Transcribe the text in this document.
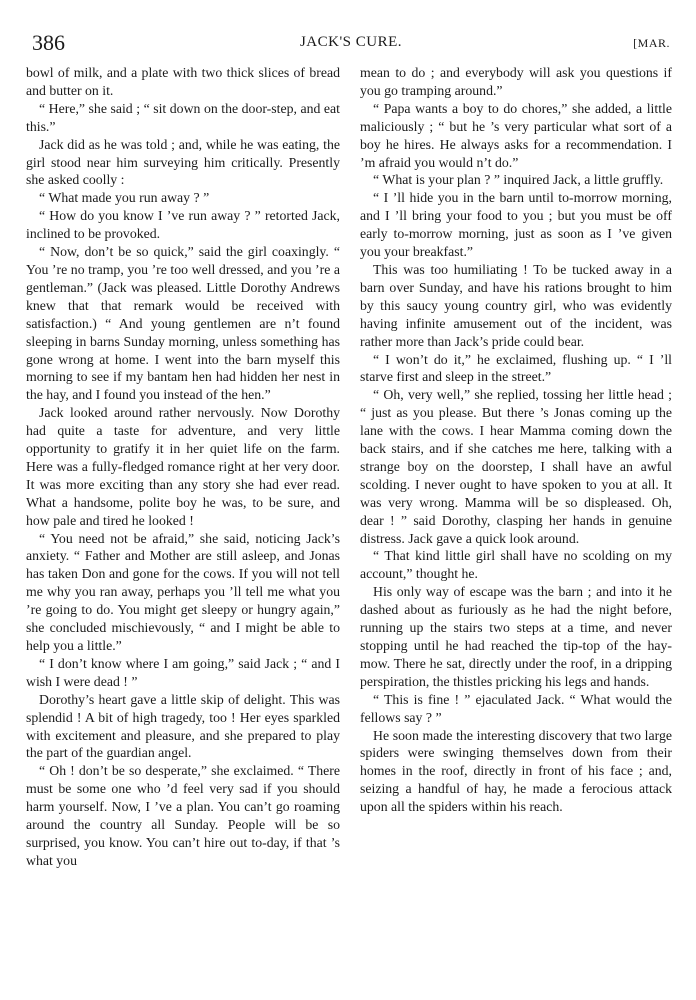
386	JACK'S CURE.	[MAR.

bowl of milk, and a plate with two thick slices of bread and butter on it.

“ Here,” she said ; “ sit down on the door-step, and eat this.”

Jack did as he was told ; and, while he was eating, the girl stood near him surveying him critically. Presently she asked coolly :

“ What made you run away ? ”

“ How do you know I ’ve run away ? ” retorted Jack, inclined to be provoked.

“ Now, don’t be so quick,” said the girl coaxingly. “ You ’re no tramp, you ’re too well dressed, and you ’re a gentleman.” (Jack was pleased. Little Dorothy Andrews knew that that remark would be received with satisfaction.) “ And young gentlemen are n’t found sleeping in barns Sunday morning, unless something has gone wrong at home. I went into the barn myself this morning to see if my bantam hen had hidden her nest in the hay, and I found you instead of the hen.”

Jack looked around rather nervously. Now Dorothy had quite a taste for adventure, and very little opportunity to gratify it in her quiet life on the farm. Here was a fully-fledged romance right at her very door. It was more exciting than any story she had ever read. What a handsome, polite boy he was, to be sure, and how pale and tired he looked !

“ You need not be afraid,” she said, noticing Jack’s anxiety. “ Father and Mother are still asleep, and Jonas has taken Don and gone for the cows. If you will not tell me why you ran away, perhaps you ’ll tell me what you ’re going to do. You might get sleepy or hungry again,” she concluded mischievously, “ and I might be able to help you a little.”

“ I don’t know where I am going,” said Jack ; “ and I wish I were dead ! ”

Dorothy’s heart gave a little skip of delight. This was splendid ! A bit of high tragedy, too ! Her eyes sparkled with excitement and pleasure, and she prepared to play the part of the guardian angel.

“ Oh ! don’t be so desperate,” she exclaimed. “ There must be some one who ’d feel very sad if you should harm yourself. Now, I ’ve a plan. You can’t go roaming around the country all Sunday. People will be so surprised, you know. You can’t hire out to-day, if that ’s what you

mean to do ; and everybody will ask you questions if you go tramping around.”

“ Papa wants a boy to do chores,” she added, a little maliciously ; “ but he ’s very particular what sort of a boy he hires. He always asks for a recommendation. I ’m afraid you would n’t do.”

“ What is your plan ? ” inquired Jack, a little gruffly.

“ I ’ll hide you in the barn until to-morrow morning, and I ’ll bring your food to you ; but you must be off early to-morrow morning, just as soon as I ’ve given you your breakfast.”

This was too humiliating ! To be tucked away in a barn over Sunday, and have his rations brought to him by this saucy young country girl, who was evidently having infinite amusement out of the incident, was rather more than Jack’s pride could bear.

“ I won’t do it,” he exclaimed, flushing up. “ I ’ll starve first and sleep in the street.”

“ Oh, very well,” she replied, tossing her little head ; “ just as you please. But there ’s Jonas coming up the lane with the cows. I hear Mamma coming down the back stairs, and if she catches me here, talking with a strange boy on the doorstep, I shall have an awful scolding. I never ought to have spoken to you at all. It was very wrong. Mamma will be so displeased. Oh, dear ! ” said Dorothy, clasping her hands in genuine distress. Jack gave a quick look around.

“ That kind little girl shall have no scolding on my account,” thought he.

His only way of escape was the barn ; and into it he dashed about as furiously as he had the night before, running up the stairs two steps at a time, and never stopping until he had reached the tip-top of the hay-mow. There he sat, directly under the roof, in a dripping perspiration, the thistles pricking his legs and hands.

“ This is fine ! ” ejaculated Jack. “ What would the fellows say ? ”

He soon made the interesting discovery that two large spiders were swinging themselves down from their homes in the roof, directly in front of his face ; and, seizing a handful of hay, he made a ferocious attack upon all the spiders within his reach.
